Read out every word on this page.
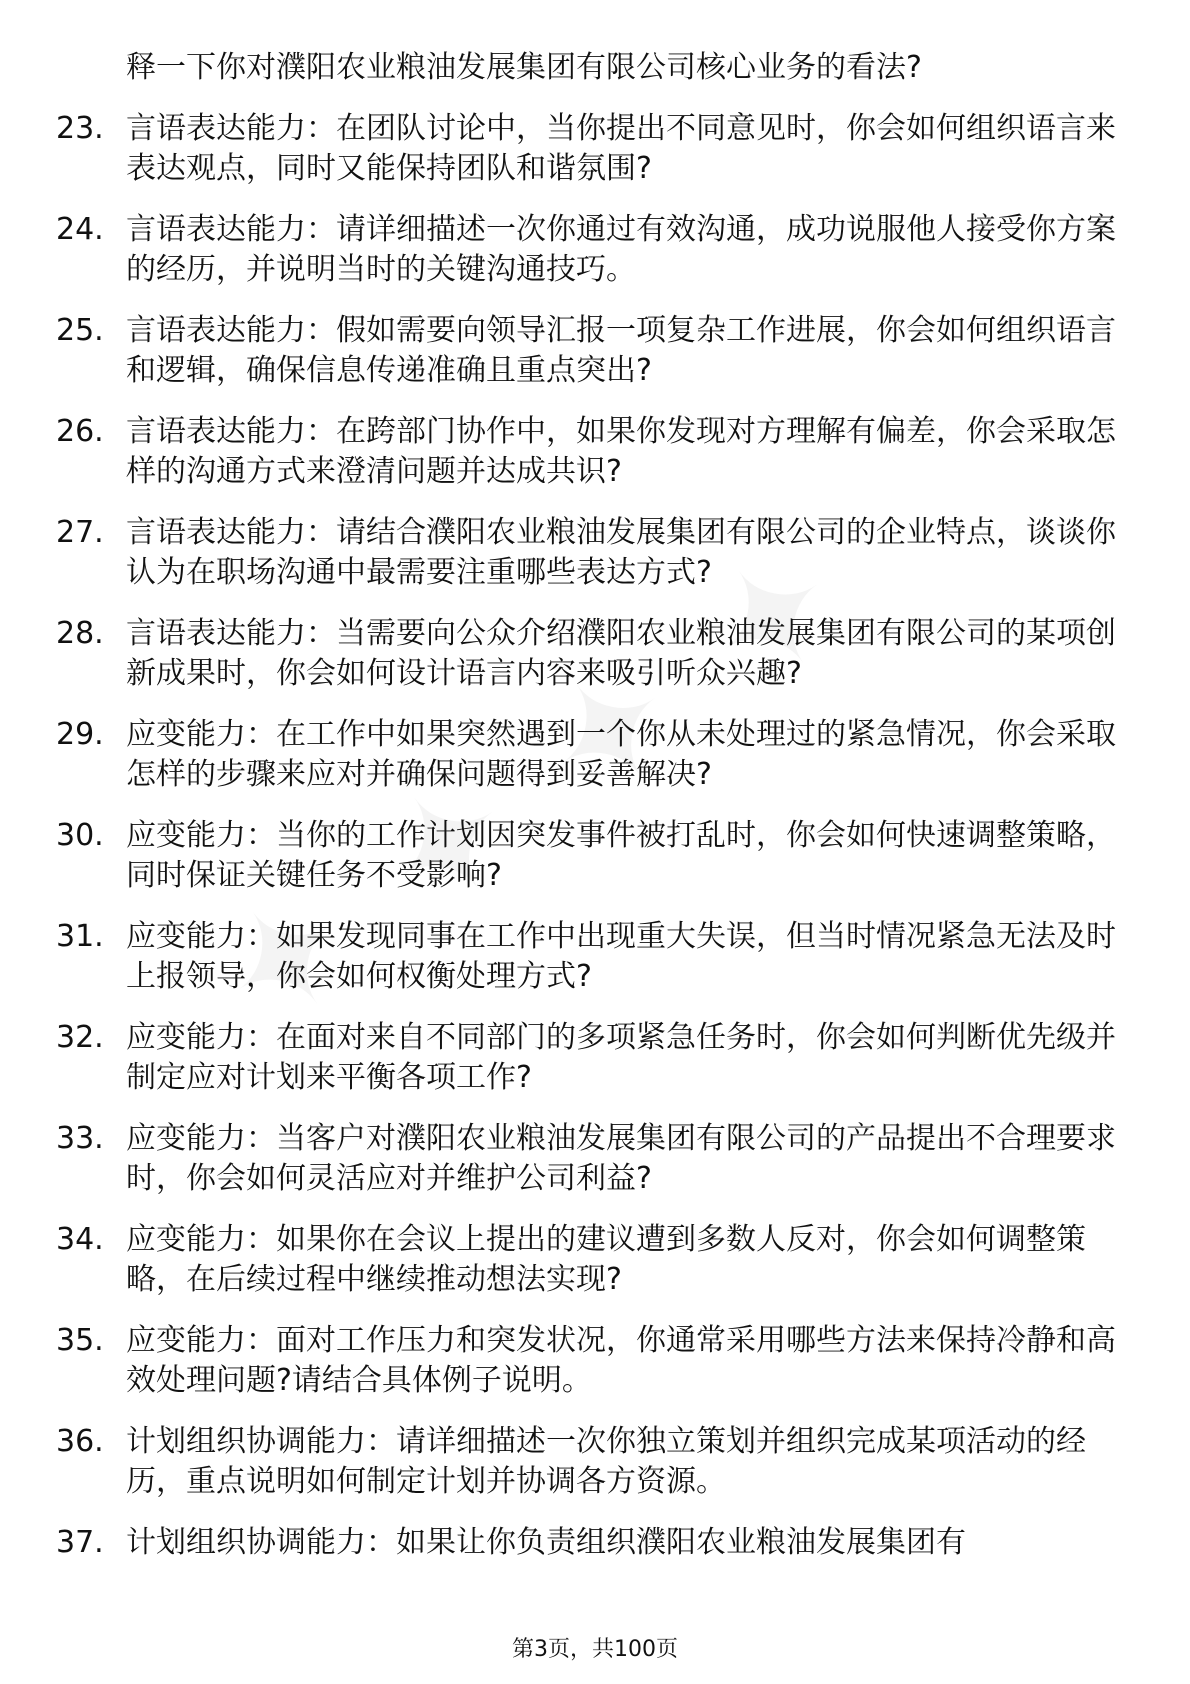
释一下你对濮阳农业粮油发展集团有限公司核心业务的看法?
23. 言语表达能力：在团队讨论中，当你提出不同意见时，你会如何组织语言来表达观点，同时又能保持团队和谐氛围?
24. 言语表达能力：请详细描述一次你通过有效沟通，成功说服他人接受你方案的经历，并说明当时的关键沟通技巧。
25. 言语表达能力：假如需要向领导汇报一项复杂工作进展，你会如何组织语言和逻辑，确保信息传递准确且重点突出?
26. 言语表达能力：在跨部门协作中，如果你发现对方理解有偏差，你会采取怎样的沟通方式来澄清问题并达成共识?
27. 言语表达能力：请结合濮阳农业粮油发展集团有限公司的企业特点，谈谈你认为在职场沟通中最需要注重哪些表达方式?
28. 言语表达能力：当需要向公众介绍濮阳农业粮油发展集团有限公司的某项创新成果时，你会如何设计语言内容来吸引听众兴趣?
29. 应变能力：在工作中如果突然遇到一个你从未处理过的紧急情况，你会采取怎样的步骤来应对并确保问题得到妥善解决?
30. 应变能力：当你的工作计划因突发事件被打乱时，你会如何快速调整策略，同时保证关键任务不受影响?
31. 应变能力：如果发现同事在工作中出现重大失误，但当时情况紧急无法及时上报领导，你会如何权衡处理方式?
32. 应变能力：在面对来自不同部门的多项紧急任务时，你会如何判断优先级并制定应对计划来平衡各项工作?
33. 应变能力：当客户对濮阳农业粮油发展集团有限公司的产品提出不合理要求时，你会如何灵活应对并维护公司利益?
34. 应变能力：如果你在会议上提出的建议遭到多数人反对，你会如何调整策略，在后续过程中继续推动想法实现?
35. 应变能力：面对工作压力和突发状况，你通常采用哪些方法来保持冷静和高效处理问题?请结合具体例子说明。
36. 计划组织协调能力：请详细描述一次你独立策划并组织完成某项活动的经历，重点说明如何制定计划并协调各方资源。
37. 计划组织协调能力：如果让你负责组织濮阳农业粮油发展集团有
第3页，共100页
